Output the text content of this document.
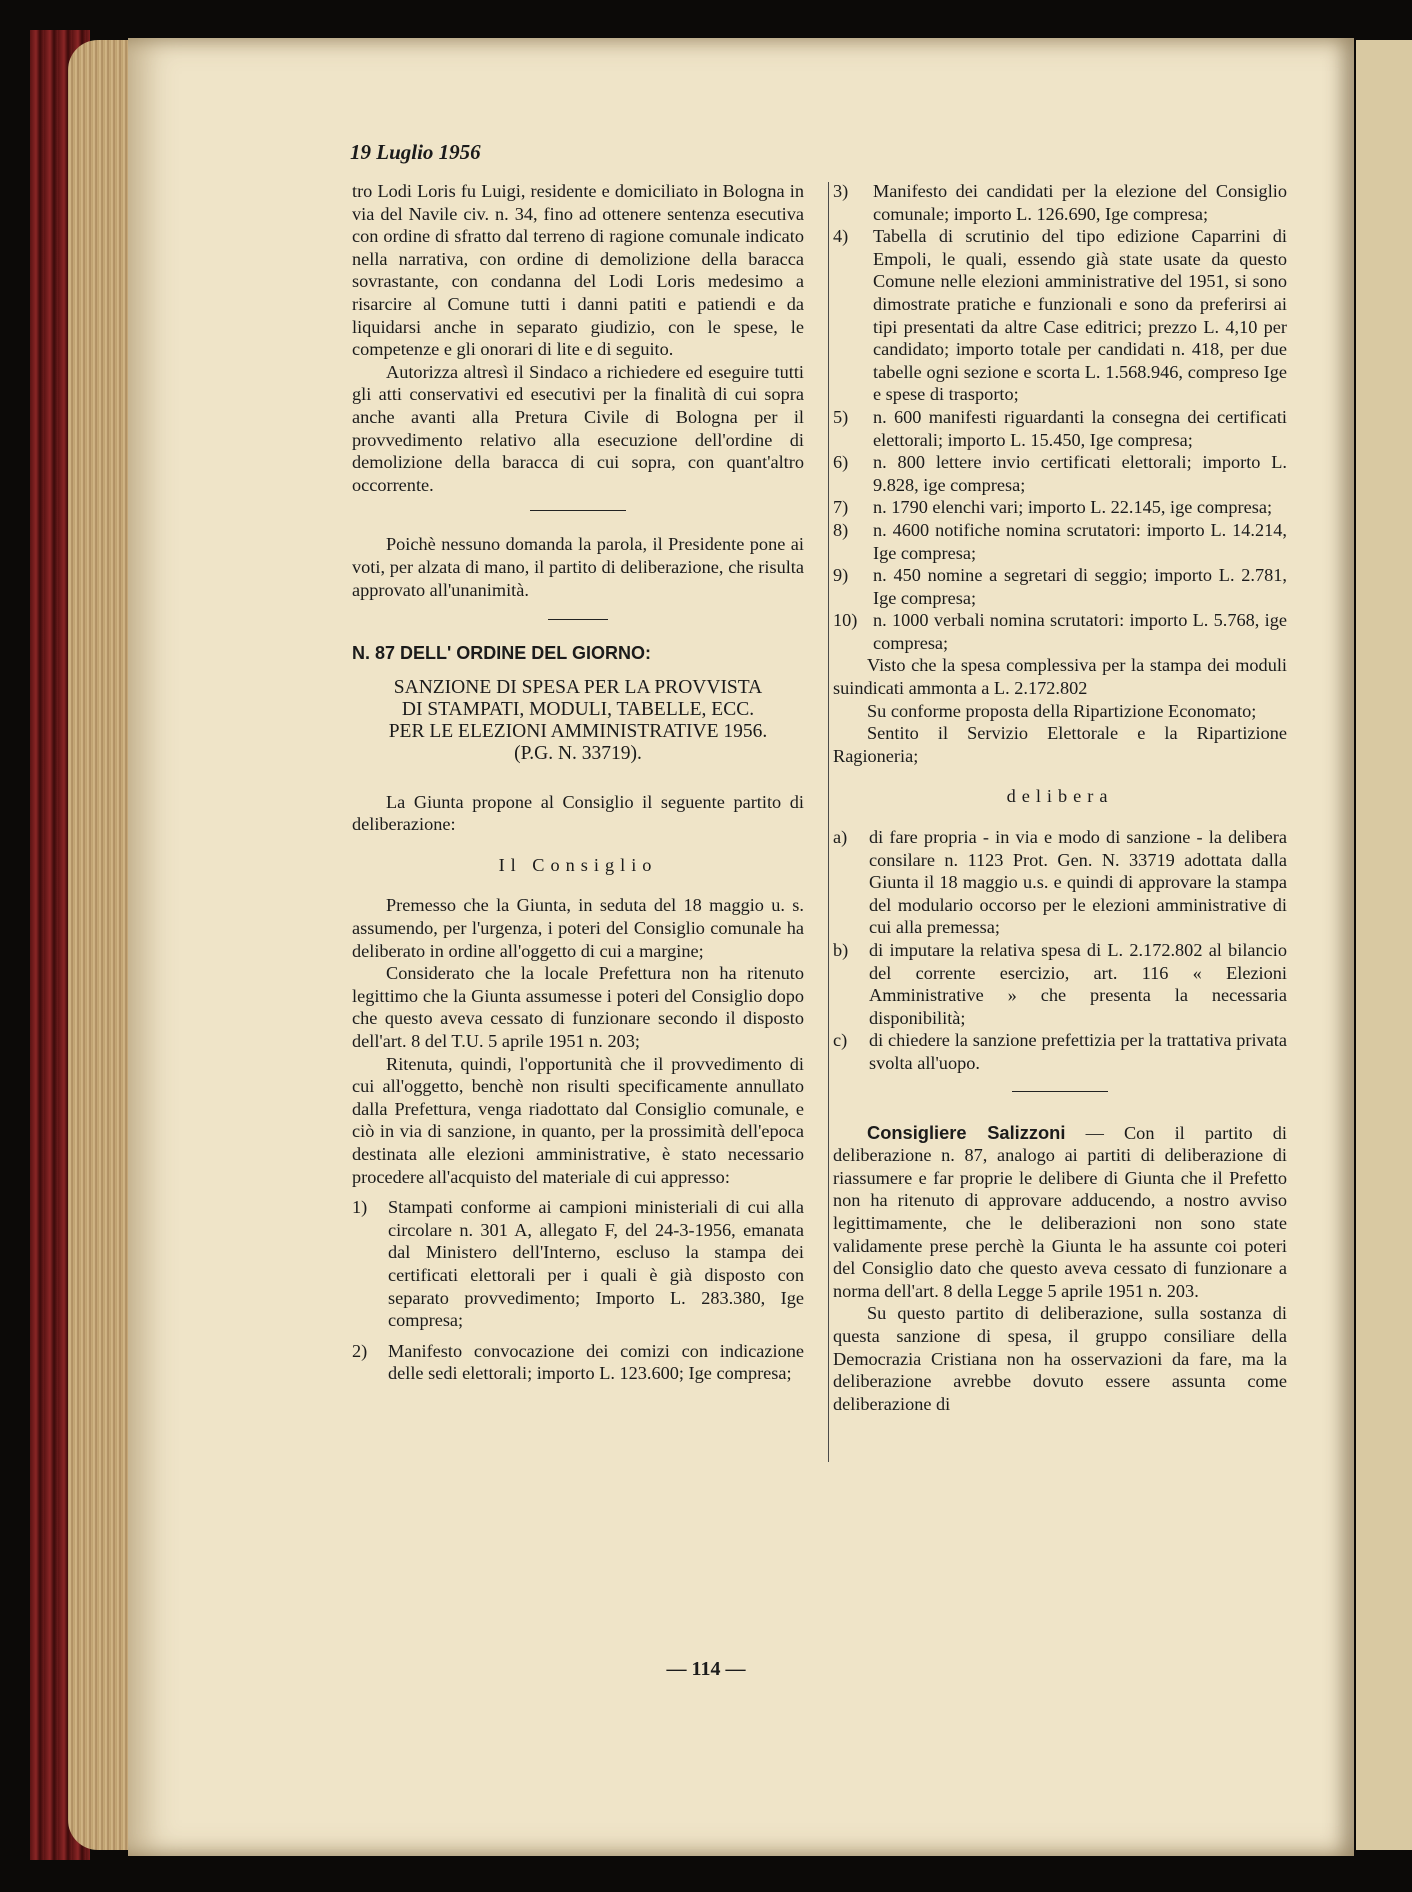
19 Luglio 1956

tro Lodi Loris fu Luigi, residente e domiciliato in Bologna in via del Navile civ. n. 34, fino ad ottenere sentenza esecutiva con ordine di sfratto dal terreno di ragione comunale indicato nella narrativa, con ordine di demolizione della baracca sovrastante, con condanna del Lodi Loris medesimo a risarcire al Comune tutti i danni patiti e patiendi e da liquidarsi anche in separato giudizio, con le spese, le competenze e gli onorari di lite e di seguito.

Autorizza altresì il Sindaco a richiedere ed eseguire tutti gli atti conservativi ed esecutivi per la finalità di cui sopra anche avanti alla Pretura Civile di Bologna per il provvedimento relativo alla esecuzione dell'ordine di demolizione della baracca di cui sopra, con quant'altro occorrente.

Poichè nessuno domanda la parola, il Presidente pone ai voti, per alzata di mano, il partito di deliberazione, che risulta approvato all'unanimità.

N. 87 DELL' ORDINE DEL GIORNO:

SANZIONE DI SPESA PER LA PROVVISTA
DI STAMPATI, MODULI, TABELLE, ECC.
PER LE ELEZIONI AMMINISTRATIVE 1956.
(P.G. N. 33719).

La Giunta propone al Consiglio il seguente partito di deliberazione:

Il Consiglio

Premesso che la Giunta, in seduta del 18 maggio u. s. assumendo, per l'urgenza, i poteri del Consiglio comunale ha deliberato in ordine all'oggetto di cui a margine;

Considerato che la locale Prefettura non ha ritenuto legittimo che la Giunta assumesse i poteri del Consiglio dopo che questo aveva cessato di funzionare secondo il disposto dell'art. 8 del T.U. 5 aprile 1951 n. 203;

Ritenuta, quindi, l'opportunità che il provvedimento di cui all'oggetto, benchè non risulti specificamente annullato dalla Prefettura, venga riadottato dal Consiglio comunale, e ciò in via di sanzione, in quanto, per la prossimità dell'epoca destinata alle elezioni amministrative, è stato necessario procedere all'acquisto del materiale di cui appresso:

1)	Stampati conforme ai campioni ministeriali di cui alla circolare n. 301 A, allegato F, del 24-3-1956, emanata dal Ministero dell'Interno, escluso la stampa dei certificati elettorali per i quali è già disposto con separato provvedimento; Importo L. 283.380, Ige compresa;
2)	Manifesto convocazione dei comizi con indicazione delle sedi elettorali; importo L. 123.600; Ige compresa;
3)	Manifesto dei candidati per la elezione del Consiglio comunale; importo L. 126.690, Ige compresa;
4)	Tabella di scrutinio del tipo edizione Caparrini di Empoli, le quali, essendo già state usate da questo Comune nelle elezioni amministrative del 1951, si sono dimostrate pratiche e funzionali e sono da preferirsi ai tipi presentati da altre Case editrici; prezzo L. 4,10 per candidato; importo totale per candidati n. 418, per due tabelle ogni sezione e scorta L. 1.568.946, compreso Ige e spese di trasporto;
5)	n. 600 manifesti riguardanti la consegna dei certificati elettorali; importo L. 15.450, Ige compresa;
6)	n. 800 lettere invio certificati elettorali; importo L. 9.828, ige compresa;
7)	n. 1790 elenchi vari; importo L. 22.145, ige compresa;
8)	n. 4600 notifiche nomina scrutatori: importo L. 14.214, Ige compresa;
9)	n. 450 nomine a segretari di seggio; importo L. 2.781, Ige compresa;
10) n. 1000 verbali nomina scrutatori: importo L. 5.768, ige compresa;

Visto che la spesa complessiva per la stampa dei moduli suindicati ammonta a L. 2.172.802

Su conforme proposta della Ripartizione Economato;

Sentito il Servizio Elettorale e la Ripartizione Ragioneria;

delibera

a)	di fare propria - in via e modo di sanzione - la delibera consilare n. 1123 Prot. Gen. N. 33719 adottata dalla Giunta il 18 maggio u.s. e quindi di approvare la stampa del modulario occorso per le elezioni amministrative di cui alla premessa;
b)	di imputare la relativa spesa di L. 2.172.802 al bilancio del corrente esercizio, art. 116 « Elezioni Amministrative » che presenta la necessaria disponibilità;
c)	di chiedere la sanzione prefettizia per la trattativa privata svolta all'uopo.

Consigliere Salizzoni — Con il partito di deliberazione n. 87, analogo ai partiti di deliberazione di riassumere e far proprie le delibere di Giunta che il Prefetto non ha ritenuto di approvare adducendo, a nostro avviso legittimamente, che le deliberazioni non sono state validamente prese perchè la Giunta le ha assunte coi poteri del Consiglio dato che questo aveva cessato di funzionare a norma dell'art. 8 della Legge 5 aprile 1951 n. 203.

Su questo partito di deliberazione, sulla sostanza di questa sanzione di spesa, il gruppo consiliare della Democrazia Cristiana non ha osservazioni da fare, ma la deliberazione avrebbe dovuto essere assunta come deliberazione di

— 114 —
